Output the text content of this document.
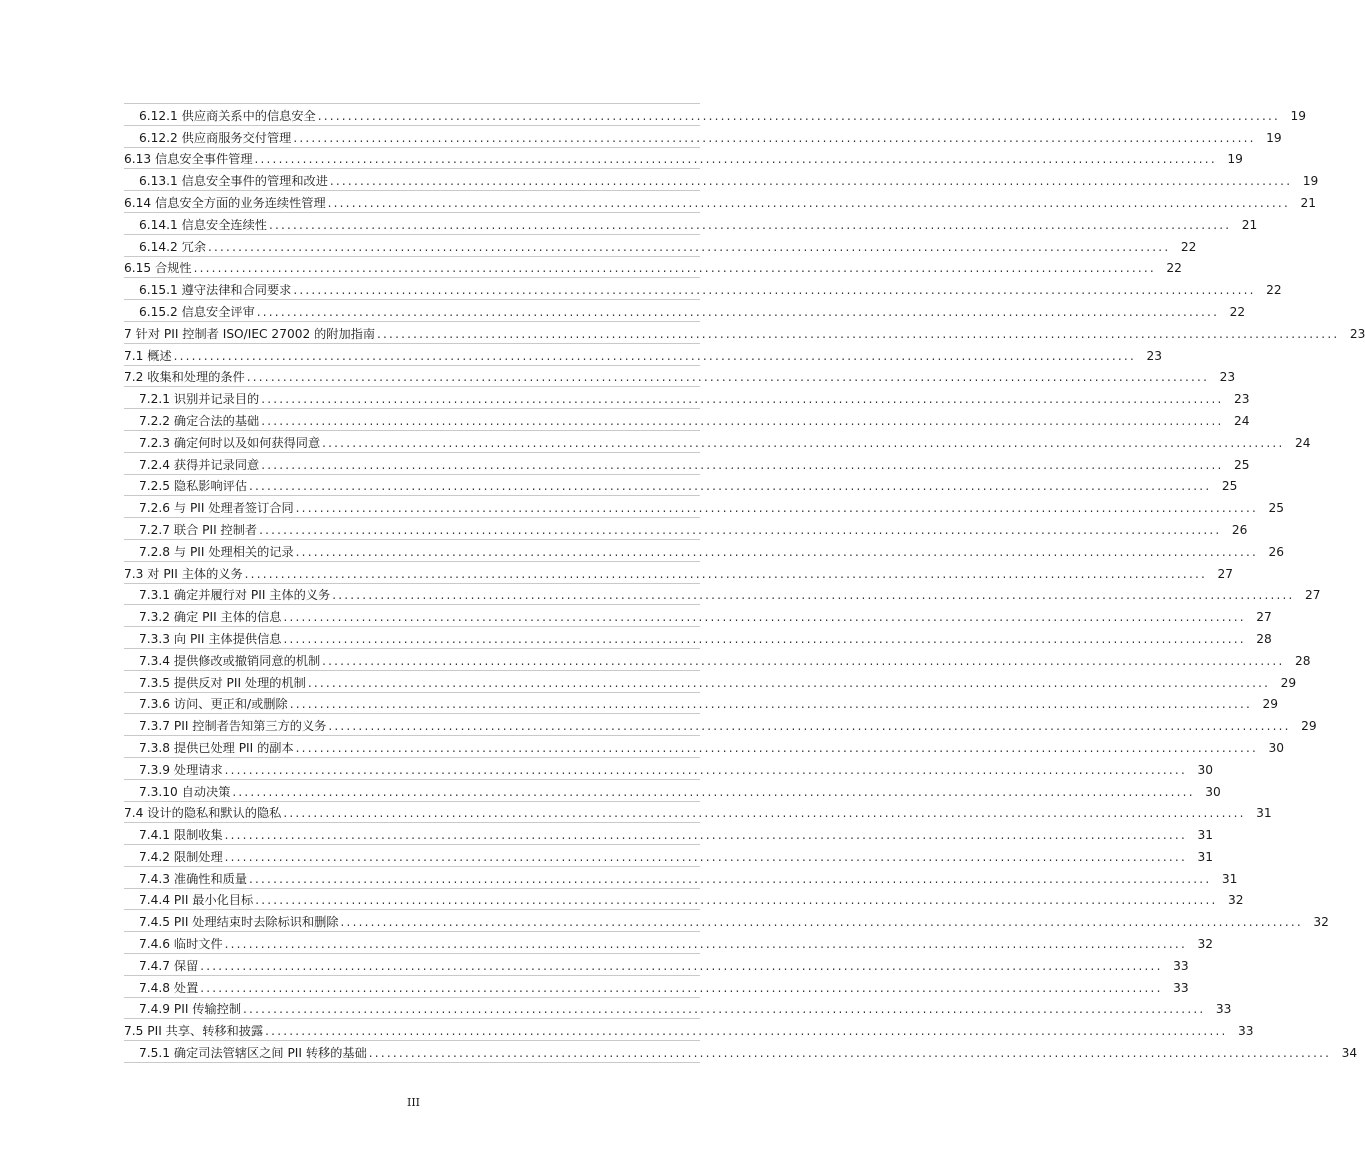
6.12.1 供应商关系中的信息安全 ................................................................................................................................................................ 19
6.12.2 供应商服务交付管理 ................................................................................................................................................................ 19
6.13 信息安全事件管理 ................................................................................................................................................................ 19
6.13.1 信息安全事件的管理和改进 ................................................................................................................................................................ 19
6.14 信息安全方面的业务连续性管理 ................................................................................................................................................................ 21
6.14.1 信息安全连续性 ................................................................................................................................................................ 21
6.14.2 冗余 ................................................................................................................................................................ 22
6.15 合规性 ................................................................................................................................................................ 22
6.15.1 遵守法律和合同要求 ................................................................................................................................................................ 22
6.15.2 信息安全评审 ................................................................................................................................................................ 22
7 针对 PII 控制者 ISO/IEC 27002 的附加指南 ................................................................................................................................................................ 23
7.1 概述 ................................................................................................................................................................ 23
7.2 收集和处理的条件 ................................................................................................................................................................ 23
7.2.1 识别并记录目的 ................................................................................................................................................................ 23
7.2.2 确定合法的基础 ................................................................................................................................................................ 24
7.2.3 确定何时以及如何获得同意 ................................................................................................................................................................ 24
7.2.4 获得并记录同意 ................................................................................................................................................................ 25
7.2.5 隐私影响评估 ................................................................................................................................................................ 25
7.2.6 与 PII 处理者签订合同 ................................................................................................................................................................ 25
7.2.7 联合 PII 控制者 ................................................................................................................................................................ 26
7.2.8 与 PII 处理相关的记录 ................................................................................................................................................................ 26
7.3 对 PII 主体的义务 ................................................................................................................................................................ 27
7.3.1 确定并履行对 PII 主体的义务 ................................................................................................................................................................ 27
7.3.2 确定 PII 主体的信息 ................................................................................................................................................................ 27
7.3.3 向 PII 主体提供信息 ................................................................................................................................................................ 28
7.3.4 提供修改或撤销同意的机制 ................................................................................................................................................................ 28
7.3.5 提供反对 PII 处理的机制 ................................................................................................................................................................ 29
7.3.6 访问、更正和/或删除 ................................................................................................................................................................ 29
7.3.7 PII 控制者告知第三方的义务 ................................................................................................................................................................ 29
7.3.8 提供已处理 PII 的副本 ................................................................................................................................................................ 30
7.3.9 处理请求 ................................................................................................................................................................ 30
7.3.10 自动决策 ................................................................................................................................................................ 30
7.4 设计的隐私和默认的隐私 ................................................................................................................................................................ 31
7.4.1 限制收集 ................................................................................................................................................................ 31
7.4.2 限制处理 ................................................................................................................................................................ 31
7.4.3 准确性和质量 ................................................................................................................................................................ 31
7.4.4 PII 最小化目标 ................................................................................................................................................................ 32
7.4.5 PII 处理结束时去除标识和删除 ................................................................................................................................................................ 32
7.4.6 临时文件 ................................................................................................................................................................ 32
7.4.7 保留 ................................................................................................................................................................ 33
7.4.8 处置 ................................................................................................................................................................ 33
7.4.9 PII 传输控制 ................................................................................................................................................................ 33
7.5 PII 共享、转移和披露 ................................................................................................................................................................ 33
7.5.1 确定司法管辖区之间 PII 转移的基础 ................................................................................................................................................................ 34
III
